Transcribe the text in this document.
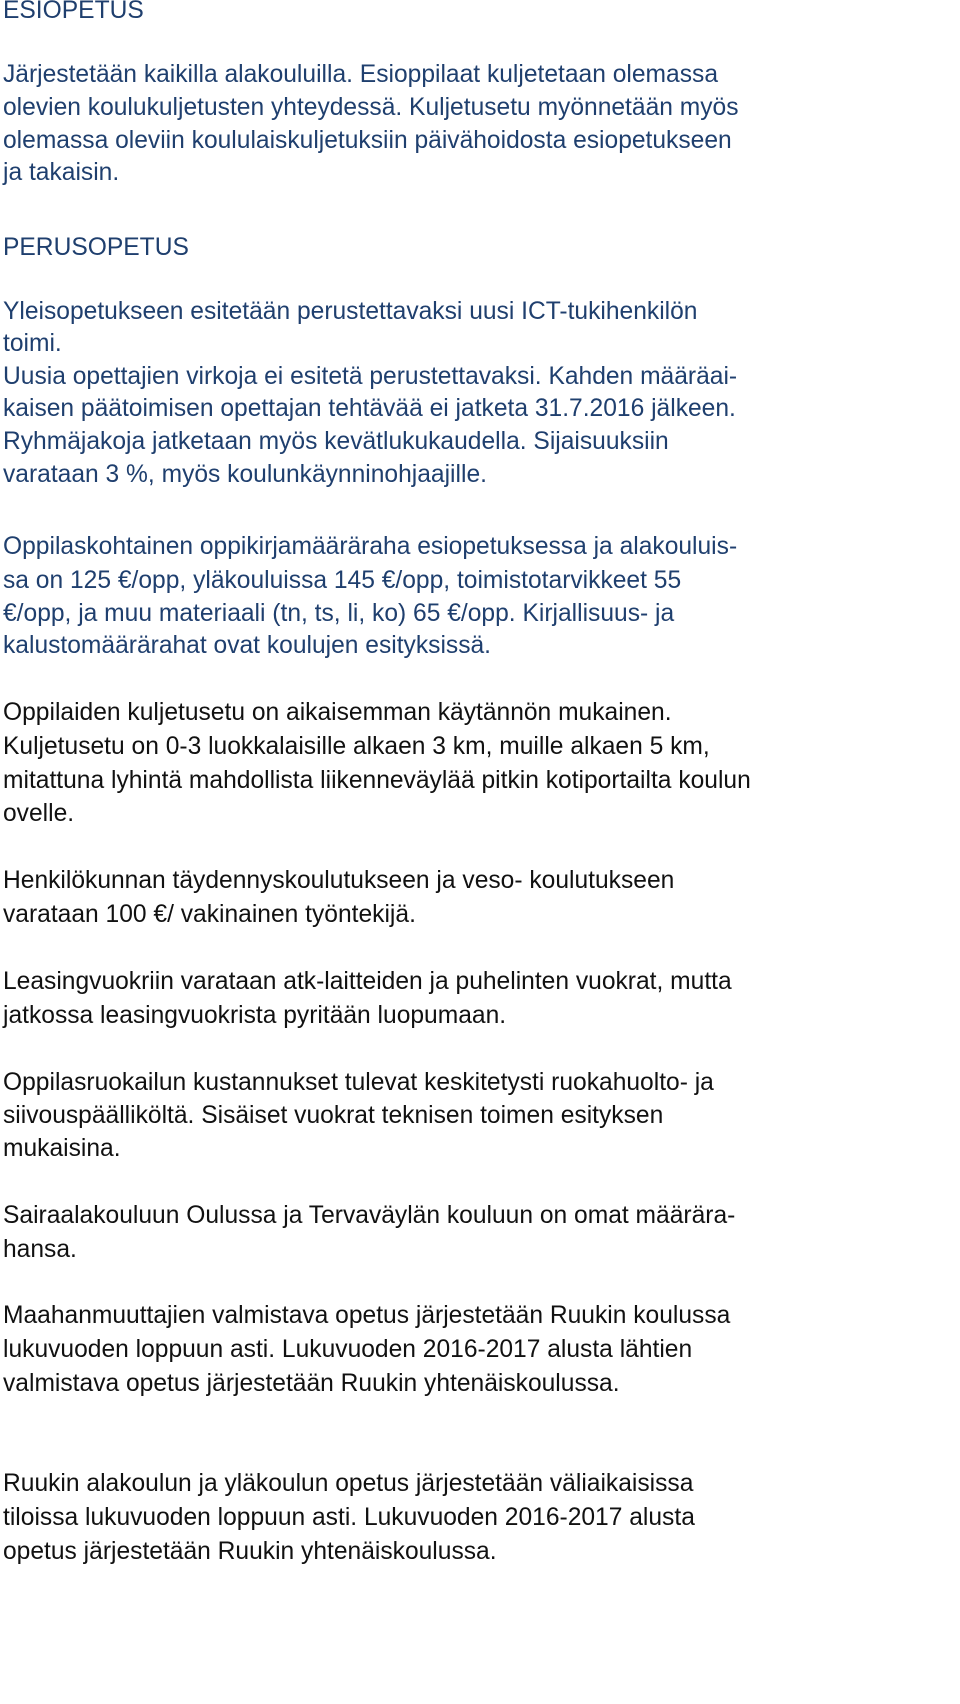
ESIOPETUS
Järjestetään kaikilla alakouluilla. Esioppilaat kuljetetaan olemassa
olevien koulukuljetusten yhteydessä. Kuljetusetu myönnetään myös
olemassa oleviin koululaiskuljetuksiin päivähoidosta esiopetukseen
ja takaisin.
PERUSOPETUS
Yleisopetukseen esitetään perustettavaksi uusi ICT-tukihenkilön
toimi.
Uusia opettajien virkoja ei esitetä perustettavaksi. Kahden määräai-
kaisen päätoimisen opettajan tehtävää ei jatketa 31.7.2016 jälkeen.
Ryhmäjakoja jatketaan myös kevätlukukaudella. Sijaisuuksiin
varataan 3 %, myös koulunkäynninohjaajille.
Oppilaskohtainen oppikirjamääräraha esiopetuksessa ja alakouluis-
sa on 125 €/opp, yläkouluissa 145 €/opp, toimistotarvikkeet 55
€/opp, ja muu materiaali (tn, ts, li, ko) 65 €/opp. Kirjallisuus- ja
kalustomäärärahat ovat koulujen esityksissä.
Oppilaiden kuljetusetu on aikaisemman käytännön mukainen.
Kuljetusetu on 0-3 luokkalaisille alkaen 3 km, muille alkaen 5 km,
mitattuna lyhintä mahdollista liikenneväylää pitkin kotiportailta koulun
ovelle.
Henkilökunnan täydennyskoulutukseen ja veso- koulutukseen
varataan 100 €/ vakinainen työntekijä.
Leasingvuokriin varataan atk-laitteiden ja puhelinten vuokrat, mutta
jatkossa leasingvuokrista pyritään luopumaan.
Oppilasruokailun kustannukset tulevat keskitetysti ruokahuolto- ja
siivouspäälliköltä. Sisäiset vuokrat teknisen toimen esityksen
mukaisina.
Sairaalakouluun Oulussa ja Tervaväylän kouluun on omat määrära-
hansa.
Maahanmuuttajien valmistava opetus järjestetään Ruukin koulussa
lukuvuoden loppuun asti. Lukuvuoden 2016-2017 alusta lähtien
valmistava opetus järjestetään Ruukin yhtenäiskoulussa.
Ruukin alakoulun ja yläkoulun opetus järjestetään väliaikaisissa
tiloissa lukuvuoden loppuun asti. Lukuvuoden 2016-2017 alusta
opetus järjestetään Ruukin yhtenäiskoulussa.
